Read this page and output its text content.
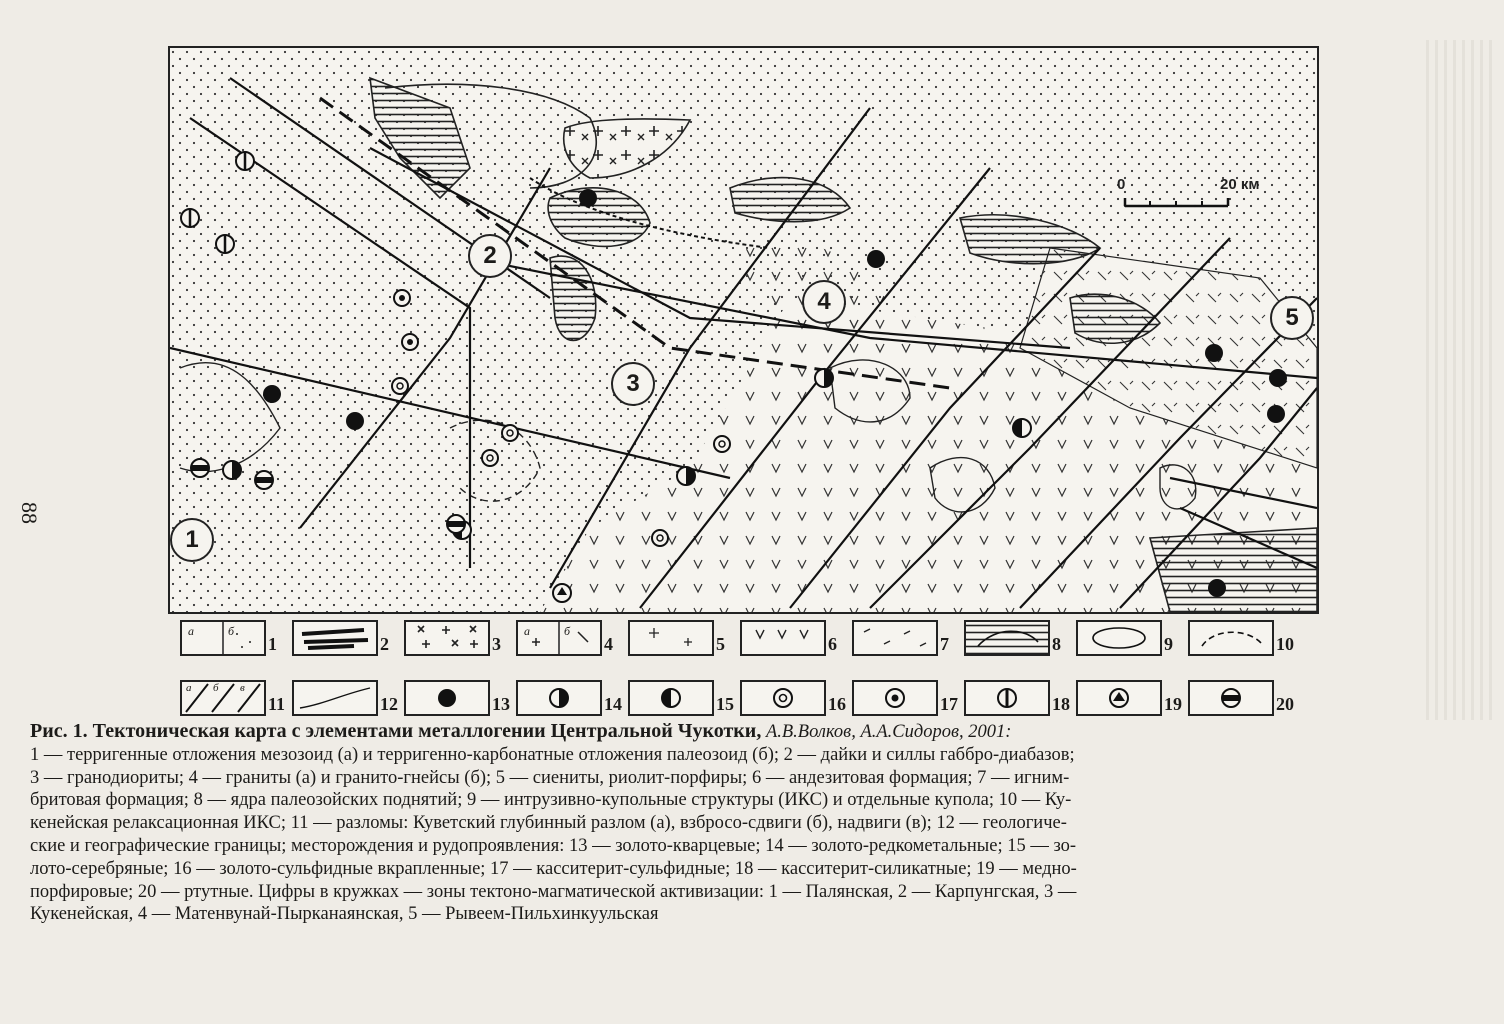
88
0	20 км
1
2
3
4
5
а	б
1	2	3
а	б
4	5	6	7	8	9	10
а б в
11	12	13	14	15	16	17	18	19	20

Рис. 1. Тектоническая карта с элементами металлогении Центральной Чукотки, А.В.Волков, А.А.Сидоров, 2001:

1 — терригенные отложения мезозоид (а) и терригенно-карбонатные отложения палеозоид (б); 2 — дайки и силлы габбро-диабазов;

3 — гранодиориты; 4 — граниты (а) и гранито-гнейсы (б); 5 — сиениты, риолит-порфиры; 6 — андезитовая формация; 7 — игним-

бритовая формация; 8 — ядра палеозойских поднятий; 9 — интрузивно-купольные структуры (ИКС) и отдельные купола; 10 — Ку-

кенейская релаксационная ИКС; 11 — разломы: Куветский глубинный разлом (а), взбросо-сдвиги (б), надвиги (в); 12 — геологиче-

ские и географические границы; месторождения и рудопроявления: 13 — золото-кварцевые; 14 — золото-редкометальные; 15 — зо-

лото-серебряные; 16 — золото-сульфидные вкрапленные; 17 — касситерит-сульфидные; 18 — касситерит-силикатные; 19 — медно-

порфировые; 20 — ртутные. Цифры в кружках — зоны тектоно-магматической активизации: 1 — Палянская, 2 — Карпунгская, 3 —

Кукенейская, 4 — Матенвунай-Пырканаянская, 5 — Рывеем-Пильхинкуульская
